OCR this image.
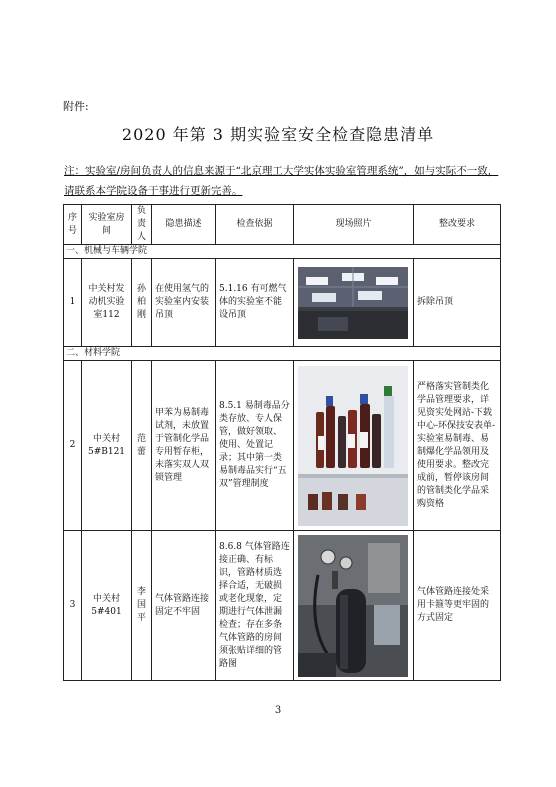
附件:
2020 年第 3 期实验室安全检查隐患清单
注：实验室/房间负责人的信息来源于“北京理工大学实体实验室管理系统”，如与实际不一致，请联系本学院设备干事进行更新完善。
序号	实验室房间	负责人	隐患描述	检查依据	现场照片	整改要求
一、机械与车辆学院						
1	中关村发动机实验室112	孙柏刚	在使用氢气的实验室内安装吊顶	5.1.16 有可燃气体的实验室不能设吊顶		拆除吊顶
二、材料学院						
2	中关村5#B121	范蕾	甲苯为易制毒试剂，未放置于管制化学品专用暂存柜，未落实双人双锁管理	8.5.1 易制毒品分类存放、专人保管，做好领取、使用、处置记录；其中第一类易制毒品实行“五双”管理制度		严格落实管制类化学品管理要求，详见资实处网站-下载中心-环保技安表单-实验室易制毒、易制爆化学品领用及使用要求。整改完成前，暂停该房间的管制类化学品采购资格
3	中关村5#401	李国平	气体管路连接固定不牢固	8.6.8 气体管路连接正确、有标识，管路材质选择合适，无破损或老化现象，定期进行气体泄漏检查；存在多条气体管路的房间须张贴详细的管路图		气体管路连接处采用卡箍等更牢固的方式固定
3
